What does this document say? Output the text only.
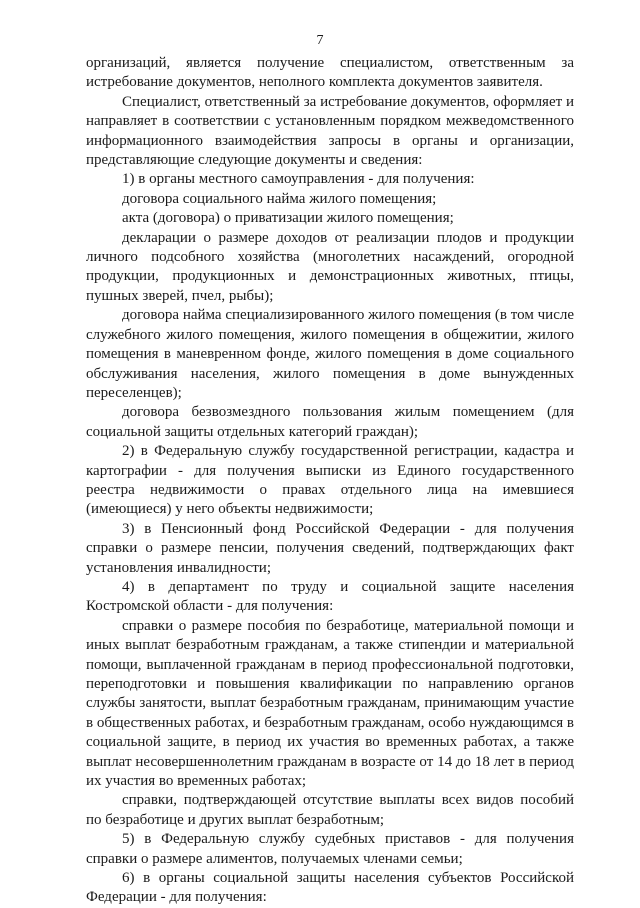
7

организаций, является получение специалистом, ответственным за истребование документов, неполного комплекта документов заявителя.

Специалист, ответственный за истребование документов, оформляет и направляет в соответствии с установленным порядком межведомственного информационного взаимодействия запросы в органы и организации, представляющие следующие документы и сведения:

1) в органы местного самоуправления - для получения:

договора социального найма жилого помещения;

акта (договора) о приватизации жилого помещения;

декларации о размере доходов от реализации плодов и продукции личного подсобного хозяйства (многолетних насаждений, огородной продукции, продукционных и демонстрационных животных, птицы, пушных зверей, пчел, рыбы);

договора найма специализированного жилого помещения (в том числе служебного жилого помещения, жилого помещения в общежитии, жилого помещения в маневренном фонде, жилого помещения в доме социального обслуживания населения, жилого помещения в доме вынужденных переселенцев);

договора безвозмездного пользования жилым помещением (для социальной защиты отдельных категорий граждан);

2) в Федеральную службу государственной регистрации, кадастра и картографии - для получения выписки из Единого государственного реестра недвижимости о правах отдельного лица на имевшиеся (имеющиеся) у него объекты недвижимости;

3) в Пенсионный фонд Российской Федерации - для получения справки о размере пенсии, получения сведений, подтверждающих факт установления инвалидности;

4) в департамент по труду и социальной защите населения Костромской области - для получения:

справки о размере пособия по безработице, материальной помощи и иных выплат безработным гражданам, а также стипендии и материальной помощи, выплаченной гражданам в период профессиональной подготовки, переподготовки и повышения квалификации по направлению органов службы занятости, выплат безработным гражданам, принимающим участие в общественных работах, и безработным гражданам, особо нуждающимся в социальной защите, в период их участия во временных работах, а также выплат несовершеннолетним гражданам в возрасте от 14 до 18 лет в период их участия во временных работах;

справки, подтверждающей отсутствие выплаты всех видов пособий по безработице и других выплат безработным;

5) в Федеральную службу судебных приставов - для получения справки о размере алиментов, получаемых членами семьи;

6) в органы социальной защиты населения субъектов Российской Федерации - для получения:
